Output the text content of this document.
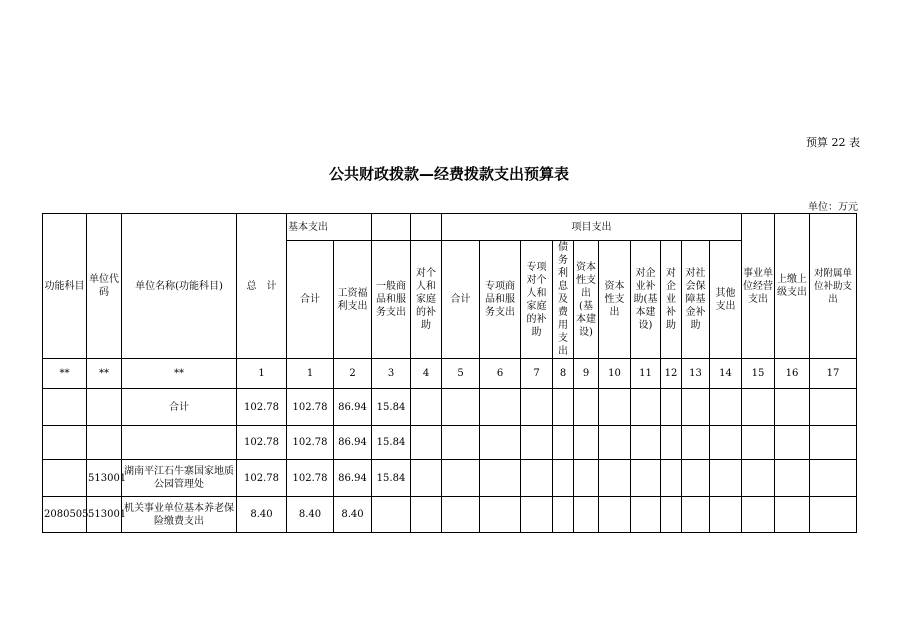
预算 22 表
公共财政拨款—经费拨款支出预算表
单位：万元
功能科目	单位代码	单位名称(功能科目)	总　计	基本支出				项目支出										事业单位经营支出	上缴上级支出	对附属单位补助支出
				合计	工资福利支出	一般商品和服务支出	对个人和家庭的补助	合计	专项商品和服务支出	专项对个人和家庭的补助	债务利息及费用支出	资本性支出(基本建设)	资本性支出	对企业补助(基本建设)	对企业补助	对社会保障基金补助	其他支出			
**	**	**	1	1	2	3	4	5	6	7	8	9	10	11	12	13	14	15	16	17
		合计	102.78	102.78	86.94	15.84														
			102.78	102.78	86.94	15.84														
	513001	湖南平江石牛寨国家地质公园管理处	102.78	102.78	86.94	15.84														
2080505	513001	机关事业单位基本养老保险缴费支出	8.40	8.40	8.40															
